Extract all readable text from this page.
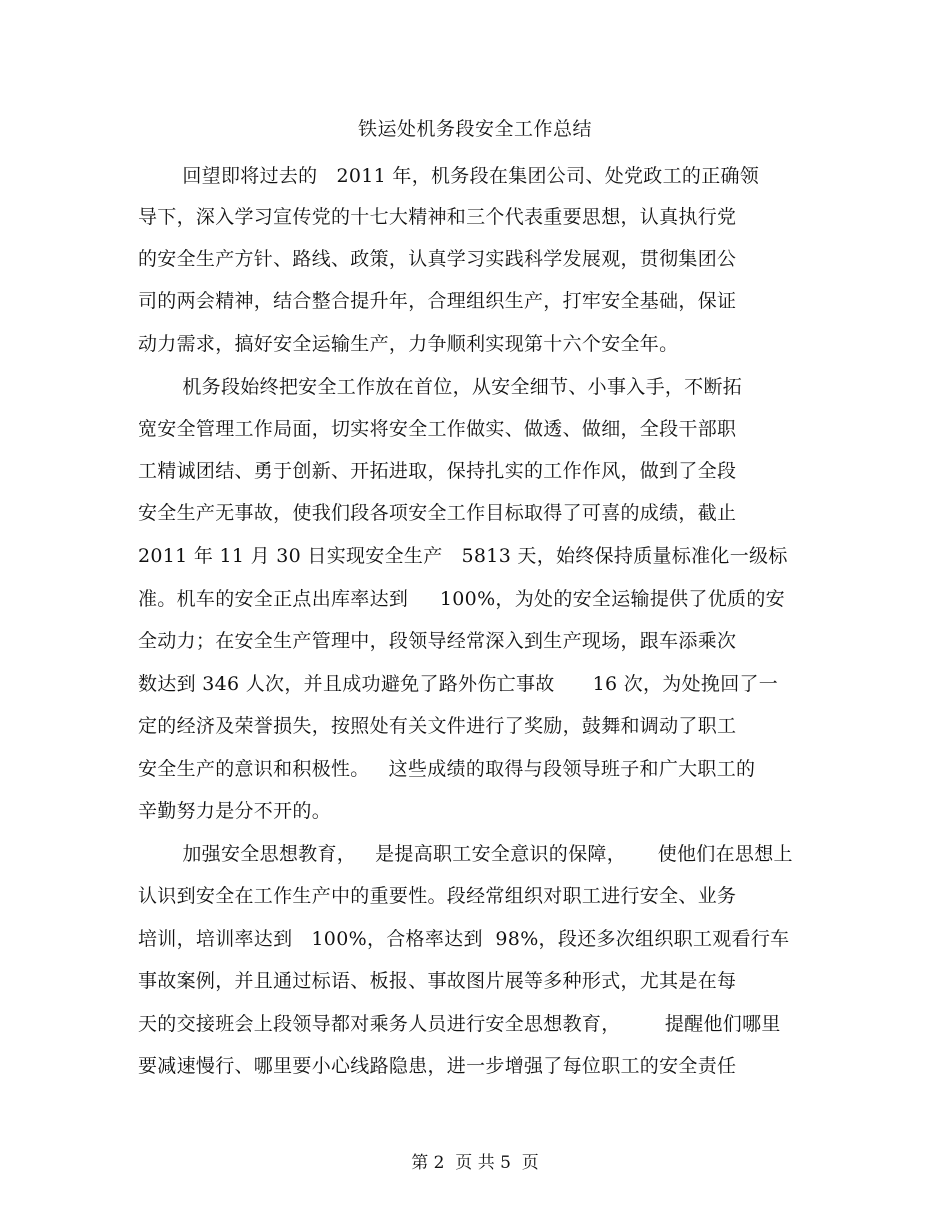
铁运处机务段安全工作总结
回望即将过去的   2011 年，机务段在集团公司、处党政工的正确领
导下，深入学习宣传党的十七大精神和三个代表重要思想，认真执行党
的安全生产方针、路线、政策，认真学习实践科学发展观，贯彻集团公
司的两会精神，结合整合提升年，合理组织生产，打牢安全基础，保证
动力需求，搞好安全运输生产，力争顺利实现第十六个安全年。
机务段始终把安全工作放在首位，从安全细节、小事入手，不断拓
宽安全管理工作局面，切实将安全工作做实、做透、做细，全段干部职
工精诚团结、勇于创新、开拓进取，保持扎实的工作作风，做到了全段
安全生产无事故，使我们段各项安全工作目标取得了可喜的成绩，截止
2011 年 11 月 30 日实现安全生产   5813 天，始终保持质量标准化一级标
准。机车的安全正点出库率达到     100%，为处的安全运输提供了优质的安
全动力；在安全生产管理中，段领导经常深入到生产现场，跟车添乘次
数达到 346 人次，并且成功避免了路外伤亡事故      16 次，为处挽回了一
定的经济及荣誉损失，按照处有关文件进行了奖励，鼓舞和调动了职工
安全生产的意识和积极性。   这些成绩的取得与段领导班子和广大职工的
辛勤努力是分不开的。
加强安全思想教育，   是提高职工安全意识的保障，     使他们在思想上
认识到安全在工作生产中的重要性。段经常组织对职工进行安全、业务
培训，培训率达到   100%，合格率达到  98%，段还多次组织职工观看行车
事故案例，并且通过标语、板报、事故图片展等多种形式，尤其是在每
天的交接班会上段领导都对乘务人员进行安全思想教育，       提醒他们哪里
要减速慢行、哪里要小心线路隐患，进一步增强了每位职工的安全责任
第 2  页 共 5  页
